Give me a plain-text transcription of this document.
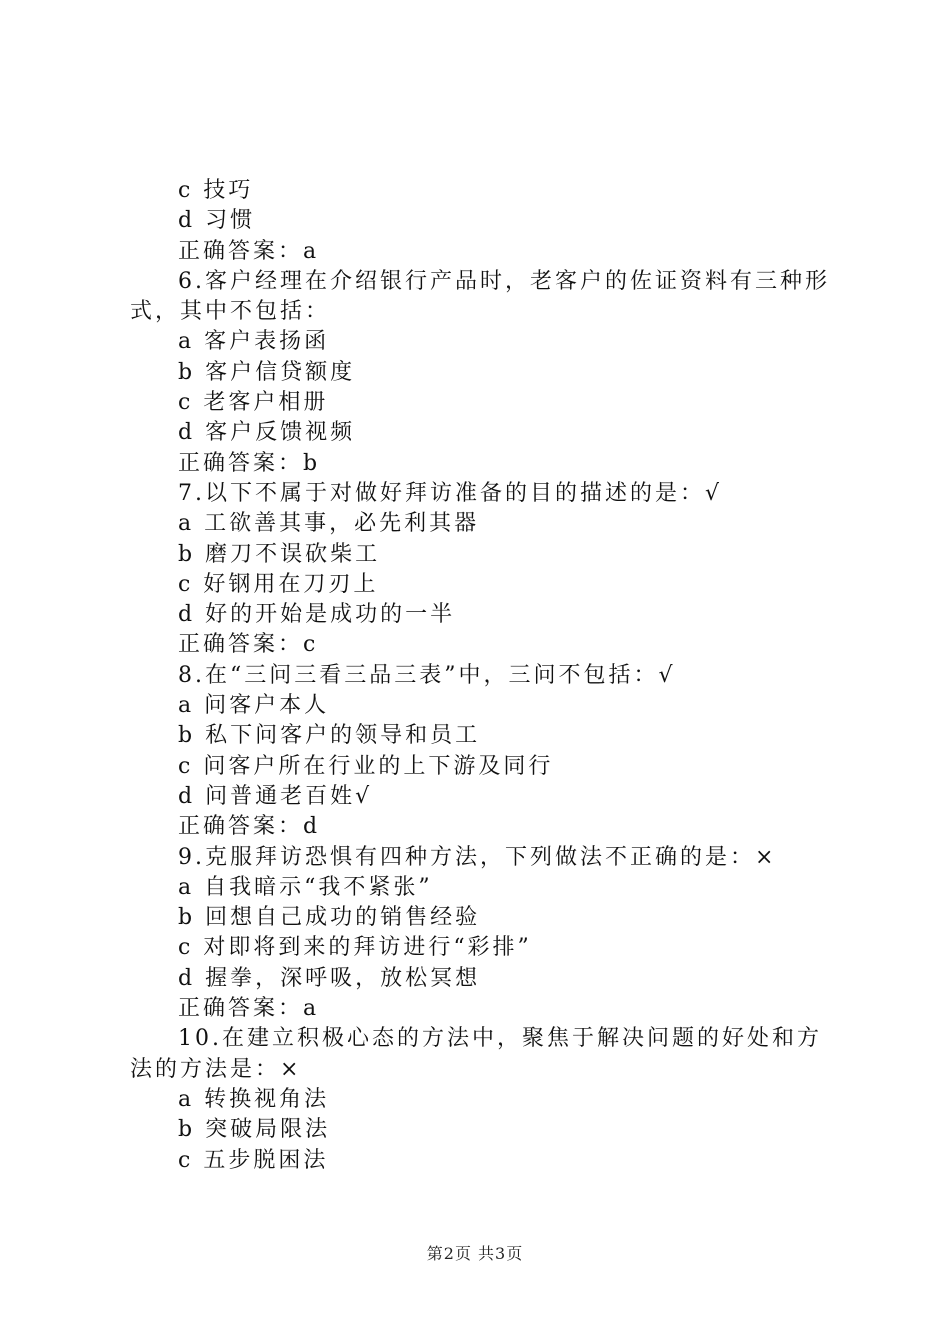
c 技巧
d 习惯
正确答案：a
6.客户经理在介绍银行产品时，老客户的佐证资料有三种形式，其中不包括：
a 客户表扬函
b 客户信贷额度
c 老客户相册
d 客户反馈视频
正确答案：b
7.以下不属于对做好拜访准备的目的描述的是：√
a 工欲善其事，必先利其器
b 磨刀不误砍柴工
c 好钢用在刀刃上
d 好的开始是成功的一半
正确答案：c
8.在“三问三看三品三表”中，三问不包括：√
a 问客户本人
b 私下问客户的领导和员工
c 问客户所在行业的上下游及同行
d 问普通老百姓√
正确答案：d
9.克服拜访恐惧有四种方法，下列做法不正确的是：×
a 自我暗示“我不紧张”
b 回想自己成功的销售经验
c 对即将到来的拜访进行“彩排”
d 握拳，深呼吸，放松冥想
正确答案：a
10.在建立积极心态的方法中，聚焦于解决问题的好处和方法的方法是：×
a 转换视角法
b 突破局限法
c 五步脱困法
第2页 共3页
